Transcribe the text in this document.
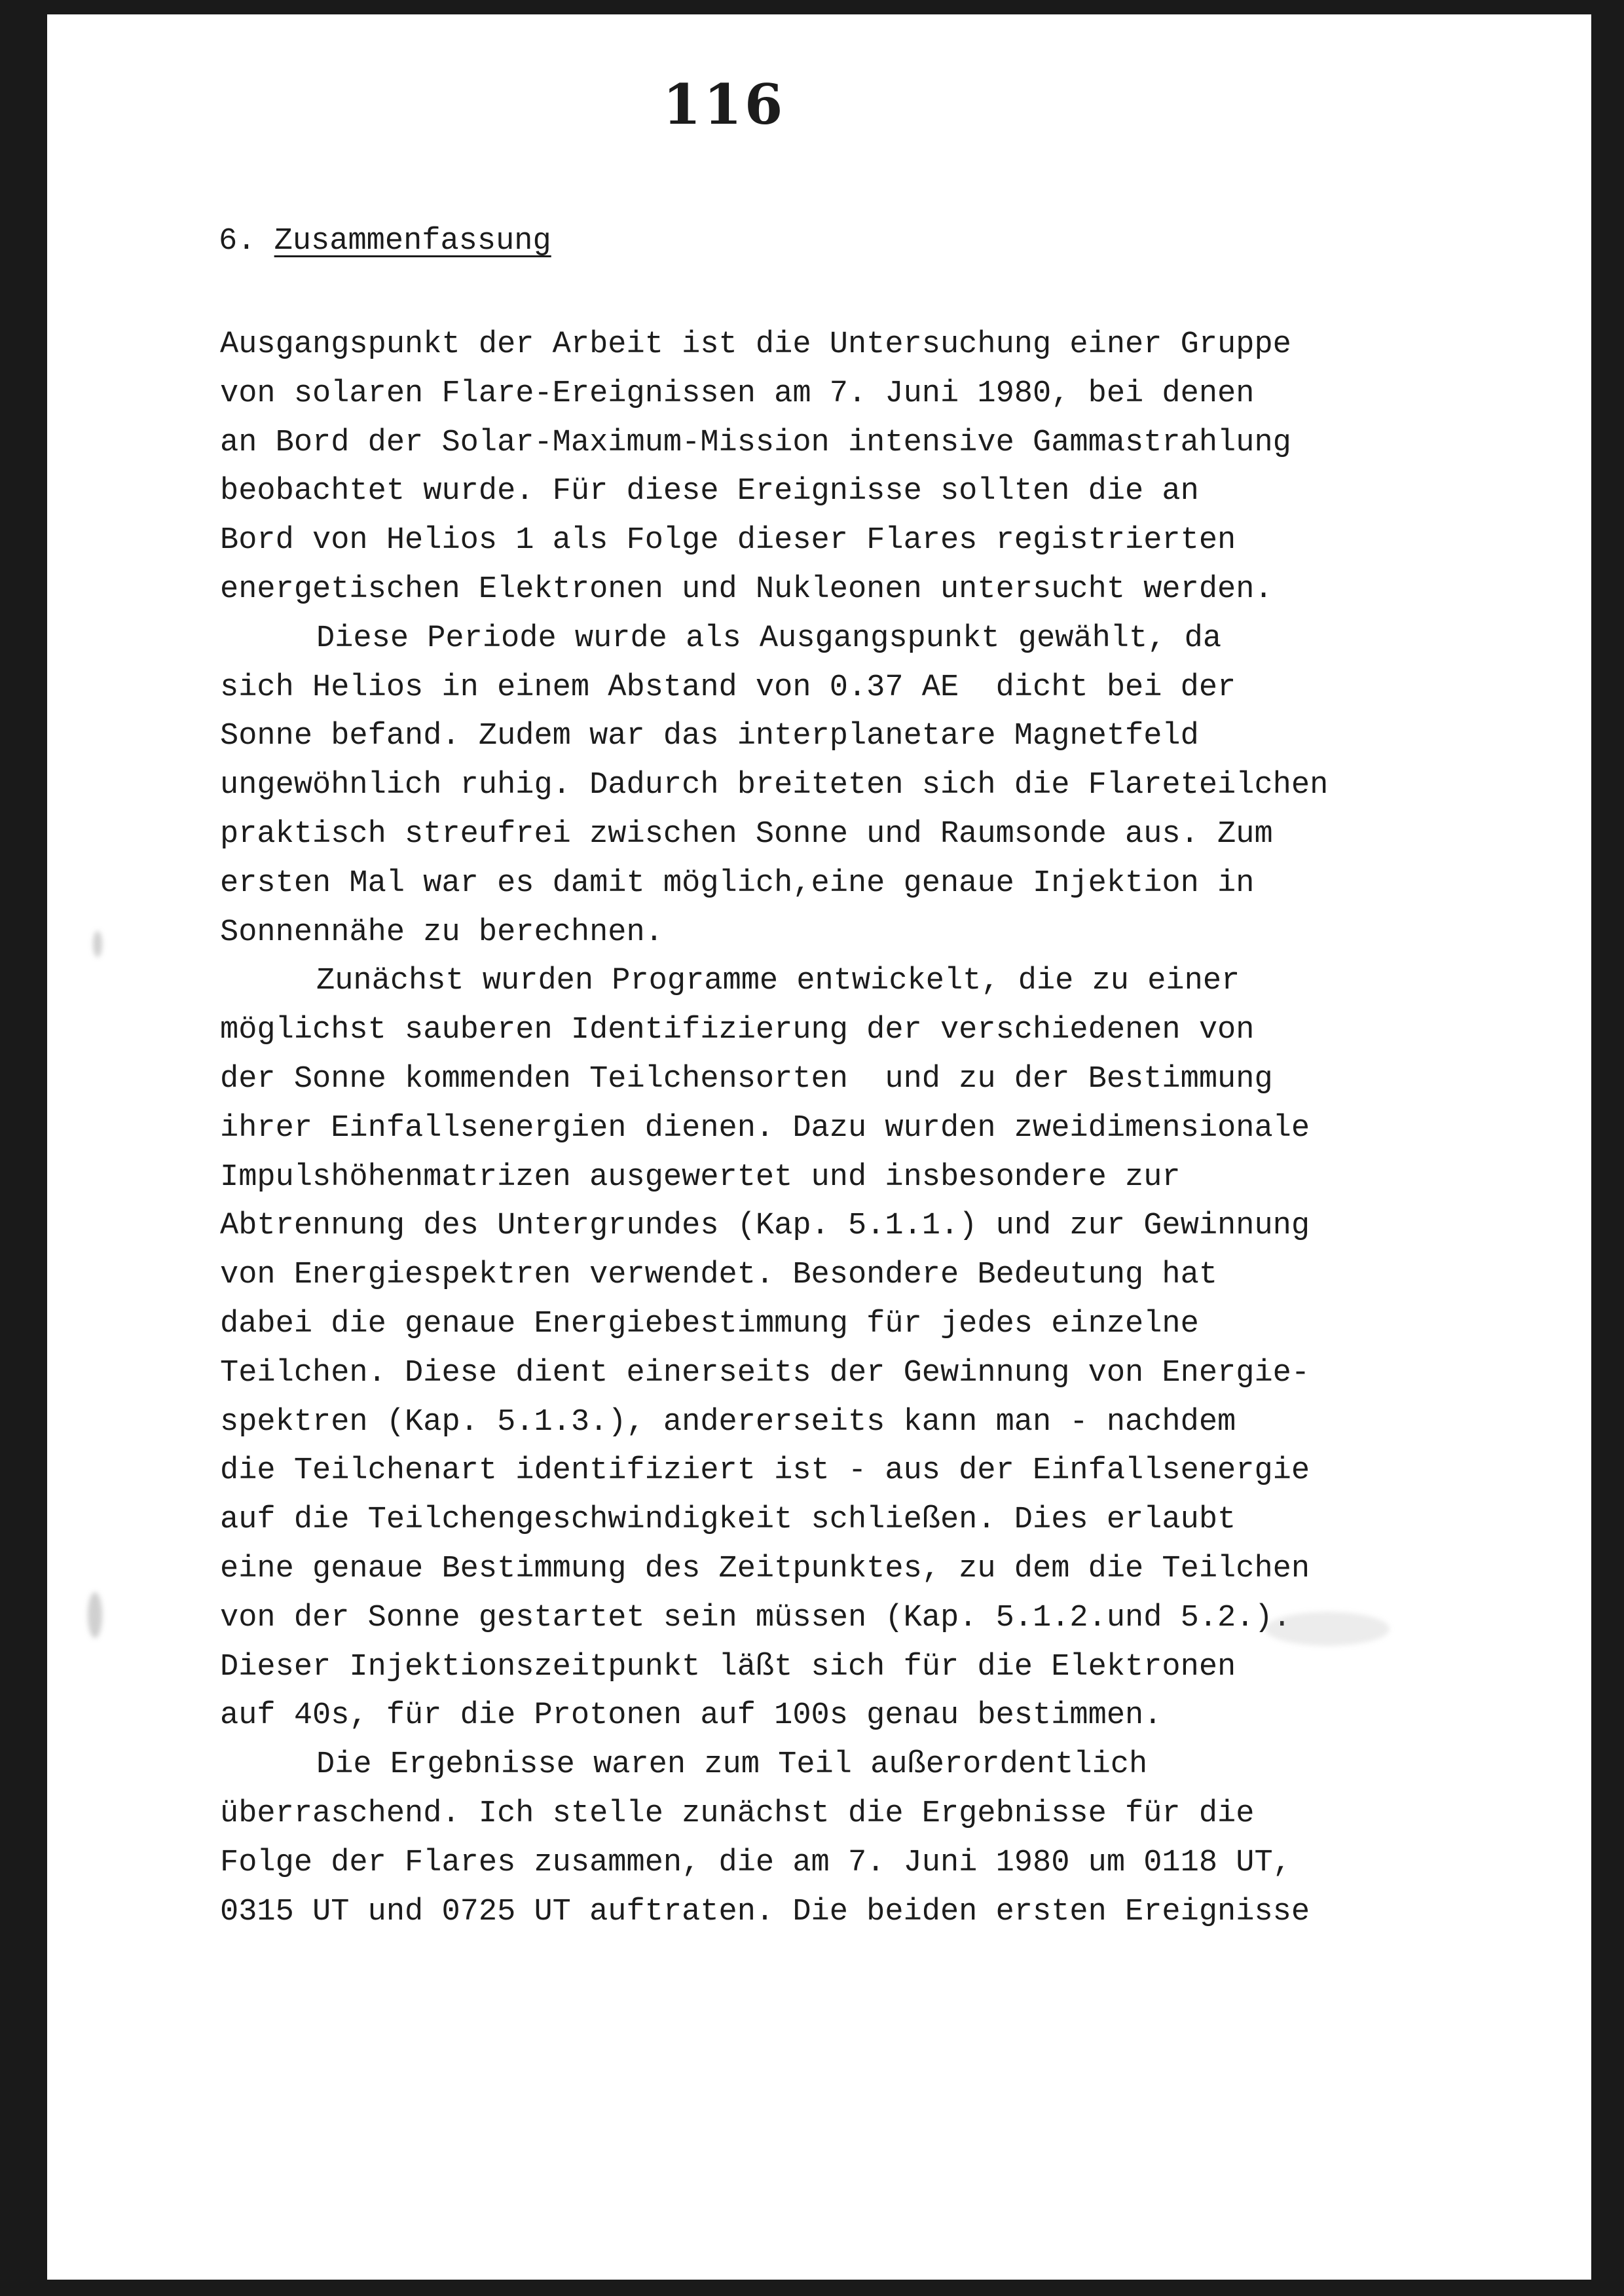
116
6. Zusammenfassung
Ausgangspunkt der Arbeit ist die Untersuchung einer Gruppe
von solaren Flare-Ereignissen am 7. Juni 1980, bei denen
an Bord der Solar-Maximum-Mission intensive Gammastrahlung
beobachtet wurde. Für diese Ereignisse sollten die an
Bord von Helios 1 als Folge dieser Flares registrierten
energetischen Elektronen und Nukleonen untersucht werden.
Diese Periode wurde als Ausgangspunkt gewählt, da
sich Helios in einem Abstand von 0.37 AE  dicht bei der
Sonne befand. Zudem war das interplanetare Magnetfeld
ungewöhnlich ruhig. Dadurch breiteten sich die Flareteilchen
praktisch streufrei zwischen Sonne und Raumsonde aus. Zum
ersten Mal war es damit möglich,eine genaue Injektion in
Sonnennähe zu berechnen.
Zunächst wurden Programme entwickelt, die zu einer
möglichst sauberen Identifizierung der verschiedenen von
der Sonne kommenden Teilchensorten  und zu der Bestimmung
ihrer Einfallsenergien dienen. Dazu wurden zweidimensionale
Impulshöhenmatrizen ausgewertet und insbesondere zur
Abtrennung des Untergrundes (Kap. 5.1.1.) und zur Gewinnung
von Energiespektren verwendet. Besondere Bedeutung hat
dabei die genaue Energiebestimmung für jedes einzelne
Teilchen. Diese dient einerseits der Gewinnung von Energie-
spektren (Kap. 5.1.3.), andererseits kann man - nachdem
die Teilchenart identifiziert ist - aus der Einfallsenergie
auf die Teilchengeschwindigkeit schließen. Dies erlaubt
eine genaue Bestimmung des Zeitpunktes, zu dem die Teilchen
von der Sonne gestartet sein müssen (Kap. 5.1.2.und 5.2.).
Dieser Injektionszeitpunkt läßt sich für die Elektronen
auf 40s, für die Protonen auf 100s genau bestimmen.
Die Ergebnisse waren zum Teil außerordentlich
überraschend. Ich stelle zunächst die Ergebnisse für die
Folge der Flares zusammen, die am 7. Juni 1980 um 0118 UT,
0315 UT und 0725 UT auftraten. Die beiden ersten Ereignisse
